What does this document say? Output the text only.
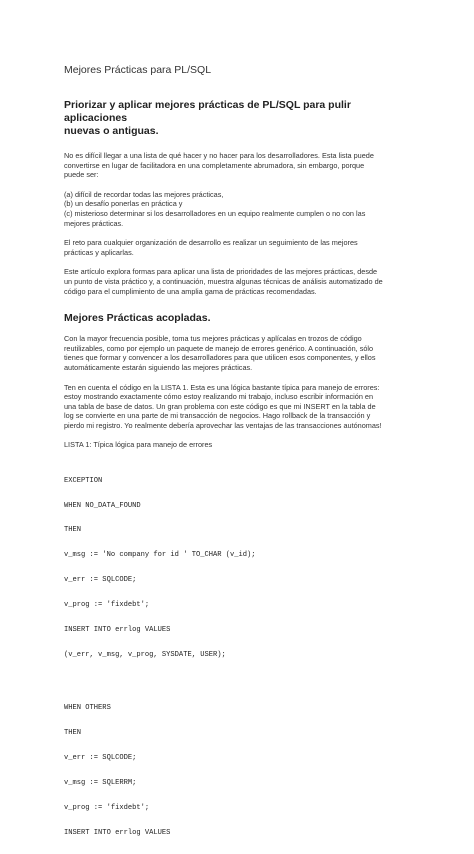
Mejores Prácticas para PL/SQL
Priorizar y aplicar mejores prácticas de PL/SQL para pulir aplicaciones
nuevas o antiguas.
No es difícil llegar a una lista de qué hacer y no hacer para los desarrolladores. Esta lista puede
convertirse en lugar de facilitadora en una completamente abrumadora, sin embargo, porque
puede ser:
(a) difícil de recordar todas las mejores prácticas,
(b) un desafío ponerlas en práctica y
(c) misterioso determinar si los desarrolladores en un equipo realmente cumplen o no con las
mejores prácticas.
El reto para cualquier organización de desarrollo es realizar un seguimiento de las mejores
prácticas y aplicarlas.
Este artículo explora formas para aplicar una lista de prioridades de las mejores prácticas, desde
un punto de vista práctico y, a continuación, muestra algunas técnicas de análisis automatizado de
código para el cumplimiento de una amplia gama de prácticas recomendadas.
Mejores Prácticas acopladas.
Con la mayor frecuencia posible, toma tus mejores prácticas y aplícalas en trozos de código
reutilizables, como por ejemplo un paquete de manejo de errores genérico. A continuación, sólo
tienes que formar y convencer a los desarrolladores para que utilicen esos componentes, y ellos
automáticamente estarán siguiendo las mejores prácticas.
Ten en cuenta el código en la LISTA 1. Esta es una lógica bastante típica para manejo de errores:
estoy mostrando exactamente cómo estoy realizando mi trabajo, incluso escribir información en
una tabla de base de datos. Un gran problema con este código es que mi INSERT en la tabla de
log se convierte en una parte de mi transacción de negocios. Hago rollback de la transacción y
pierdo mi registro. Yo realmente debería aprovechar las ventajas de las transacciones autónomas!
LISTA 1: Típica lógica para manejo de errores

EXCEPTION

WHEN NO_DATA_FOUND

THEN

v_msg := 'No company for id ' TO_CHAR (v_id);

v_err := SQLCODE;

v_prog := 'fixdebt';

INSERT INTO errlog VALUES

(v_err, v_msg, v_prog, SYSDATE, USER);

WHEN OTHERS

THEN

v_err := SQLCODE;

v_msg := SQLERRM;

v_prog := 'fixdebt';

INSERT INTO errlog VALUES
